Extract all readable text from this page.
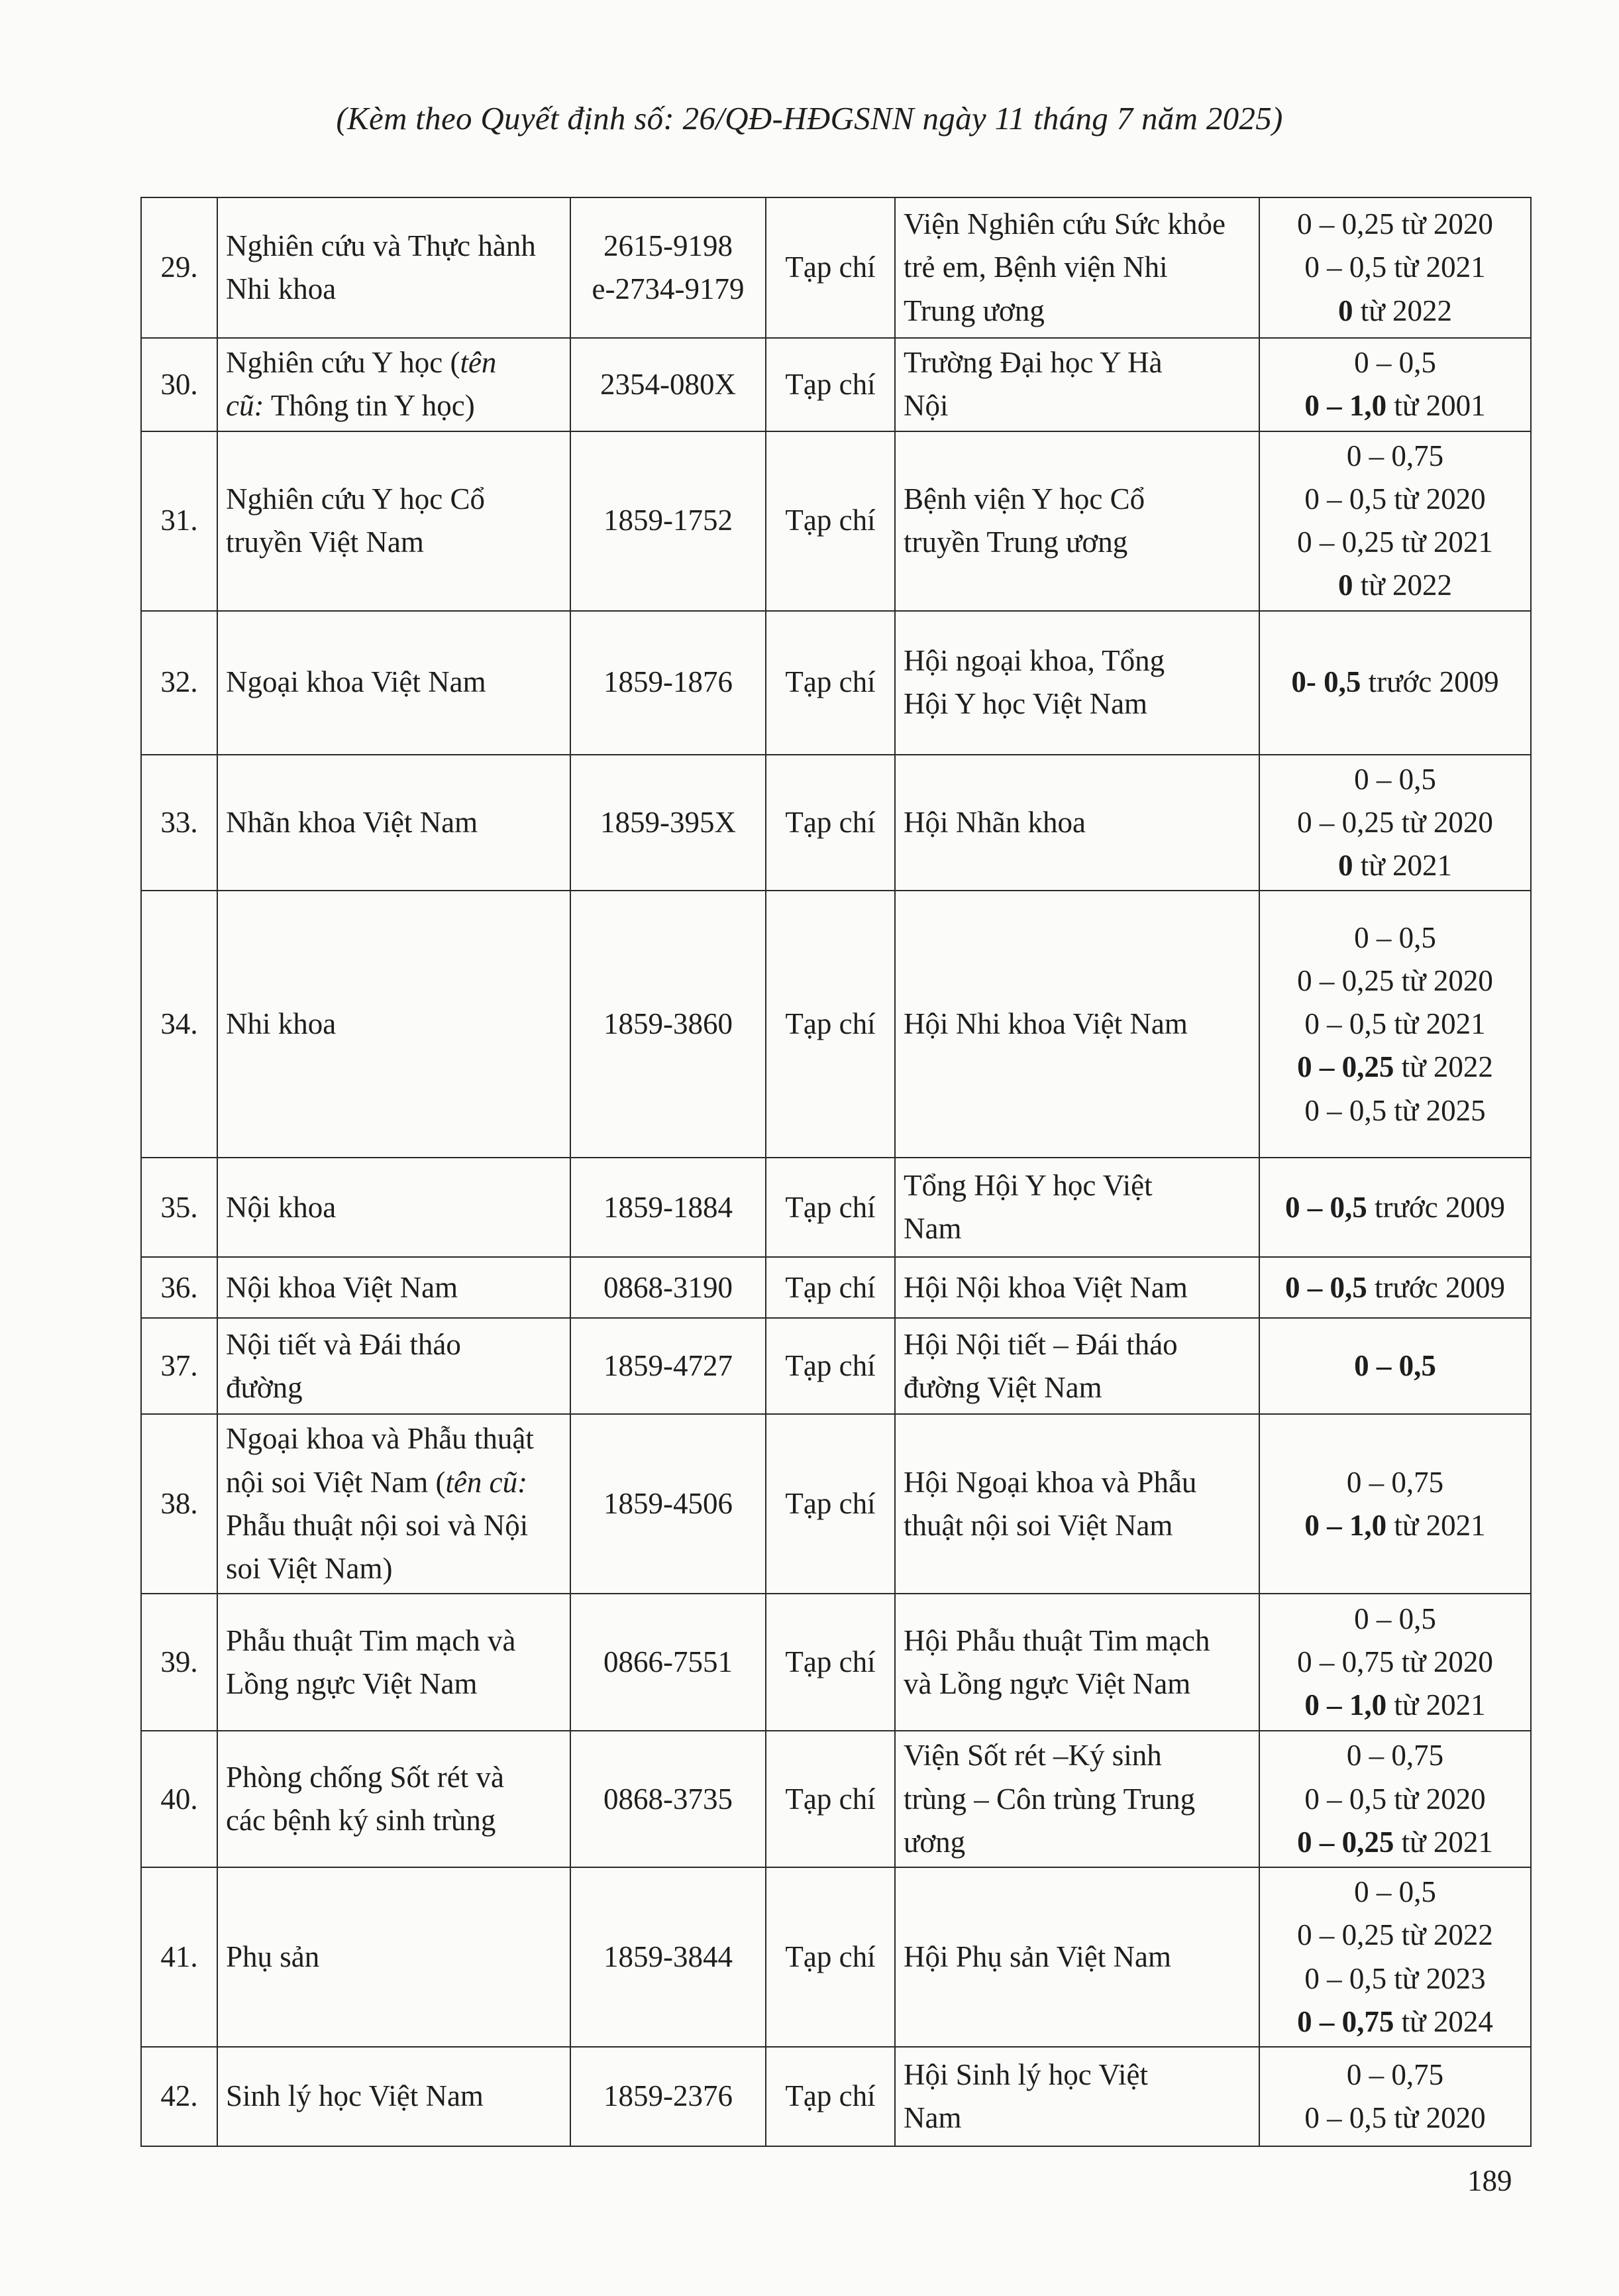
(Kèm theo Quyết định số: 26/QĐ-HĐGSNN ngày 11 tháng 7 năm 2025)
29.	Nghiên cứu và Thực hành
Nhi khoa	2615-9198
e-2734-9179	Tạp chí	Viện Nghiên cứu Sức khỏe
trẻ em, Bệnh viện Nhi
Trung ương	0 – 0,25 từ 2020
0 – 0,5 từ 2021
0 từ 2022

30.	Nghiên cứu Y học (tên
cũ: Thông tin Y học)	2354-080X	Tạp chí	Trường Đại học Y Hà
Nội	0 – 0,5
0 – 1,0 từ 2001

31.	Nghiên cứu Y học Cổ
truyền Việt Nam	1859-1752	Tạp chí	Bệnh viện Y học Cổ
truyền Trung ương	0 – 0,75
0 – 0,5 từ 2020
0 – 0,25 từ 2021
0 từ 2022

32.	Ngoại khoa Việt Nam	1859-1876	Tạp chí	Hội ngoại khoa, Tổng
Hội Y học Việt Nam	0- 0,5 trước 2009

33.	Nhãn khoa Việt Nam	1859-395X	Tạp chí	Hội Nhãn khoa	0 – 0,5
0 – 0,25 từ 2020
0 từ 2021

34.	Nhi khoa	1859-3860	Tạp chí	Hội Nhi khoa Việt Nam	0 – 0,5
0 – 0,25 từ 2020
0 – 0,5 từ 2021
0 – 0,25 từ 2022
0 – 0,5 từ 2025

35.	Nội khoa	1859-1884	Tạp chí	Tổng Hội Y học Việt
Nam	0 – 0,5 trước 2009

36.	Nội khoa Việt Nam	0868-3190	Tạp chí	Hội Nội khoa Việt Nam	0 – 0,5 trước 2009

37.	Nội tiết và Đái tháo
đường	1859-4727	Tạp chí	Hội Nội tiết – Đái tháo
đường Việt Nam	0 – 0,5

38.	Ngoại khoa và Phẫu thuật
nội soi Việt Nam (tên cũ:
Phẫu thuật nội soi và Nội
soi Việt Nam)	1859-4506	Tạp chí	Hội Ngoại khoa và Phẫu
thuật nội soi Việt Nam	0 – 0,75
0 – 1,0 từ 2021

39.	Phẫu thuật Tim mạch và
Lồng ngực Việt Nam	0866-7551	Tạp chí	Hội Phẫu thuật Tim mạch
và Lồng ngực Việt Nam	0 – 0,5
0 – 0,75 từ 2020
0 – 1,0 từ 2021

40.	Phòng chống Sốt rét và
các bệnh ký sinh trùng	0868-3735	Tạp chí	Viện Sốt rét –Ký sinh
trùng – Côn trùng Trung
ương	0 – 0,75
0 – 0,5 từ 2020
0 – 0,25 từ 2021

41.	Phụ sản	1859-3844	Tạp chí	Hội Phụ sản Việt Nam	0 – 0,5
0 – 0,25 từ 2022
0 – 0,5 từ 2023
0 – 0,75 từ 2024

42.	Sinh lý học Việt Nam	1859-2376	Tạp chí	Hội Sinh lý học Việt
Nam	0 – 0,75
0 – 0,5 từ 2020
189
